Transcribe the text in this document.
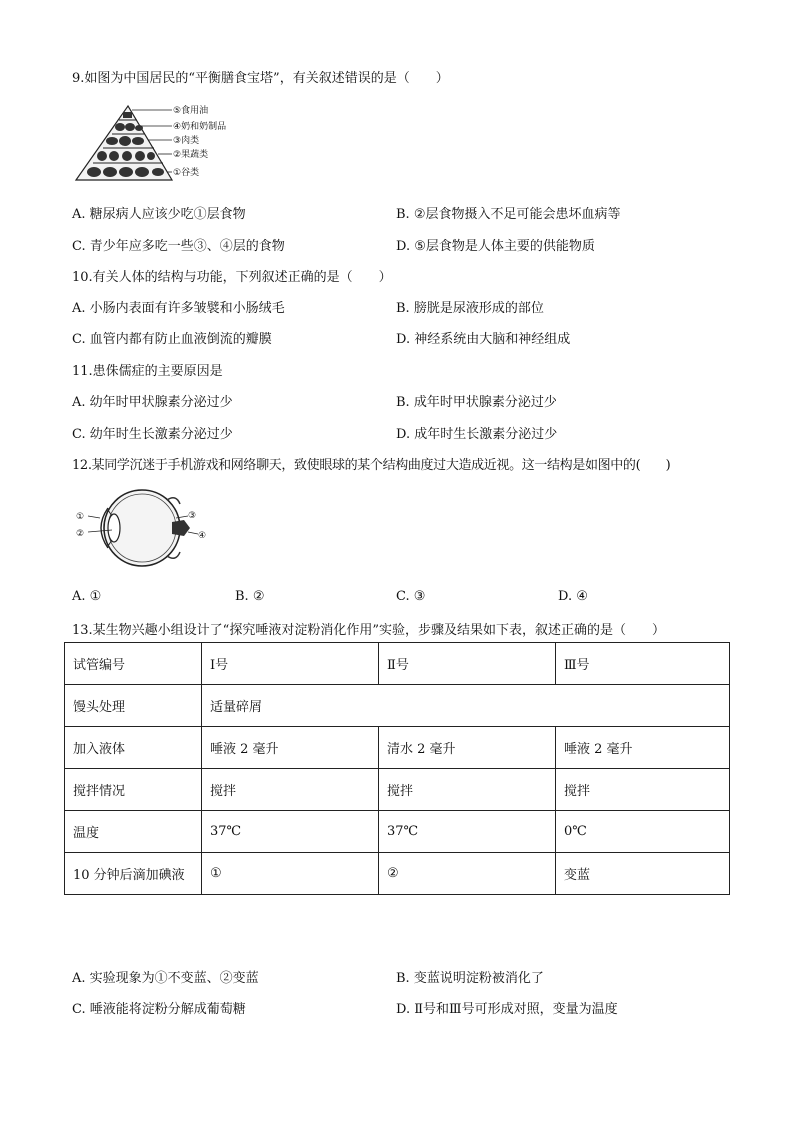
9.如图为中国居民的“平衡膳食宝塔”，有关叙述错误的是（　　）
⑤食用油
④奶和奶制品
③肉类
②果蔬类
①谷类
A. 糖尿病人应该少吃①层食物	B. ②层食物摄入不足可能会患坏血病等
C. 青少年应多吃一些③、④层的食物	D. ⑤层食物是人体主要的供能物质
10.有关人体的结构与功能，下列叙述正确的是（　　）
A. 小肠内表面有许多皱襞和小肠绒毛	B. 膀胱是尿液形成的部位
C. 血管内都有防止血液倒流的瓣膜	D. 神经系统由大脑和神经组成
11.患侏儒症的主要原因是
A. 幼年时甲状腺素分泌过少	B. 成年时甲状腺素分泌过少
C. 幼年时生长激素分泌过少	D. 成年时生长激素分泌过少
12.某同学沉迷于手机游戏和网络聊天，致使眼球的某个结构曲度过大造成近视。这一结构是如图中的(　　)
①
②
③
④
A. ①	B. ②	C. ③	D. ④
13.某生物兴趣小组设计了“探究唾液对淀粉消化作用”实验，步骤及结果如下表，叙述正确的是（　　）
试管编号	Ⅰ号	Ⅱ号	Ⅲ号
馒头处理	适量碎屑		
加入液体	唾液 2 毫升	清水 2 毫升	唾液 2 毫升
搅拌情况	搅拌	搅拌	搅拌
温度	37℃	37℃	0℃
10 分钟后滴加碘液	①	②	变蓝
A. 实验现象为①不变蓝、②变蓝	B. 变蓝说明淀粉被消化了
C. 唾液能将淀粉分解成葡萄糖	D. Ⅱ号和Ⅲ号可形成对照，变量为温度
